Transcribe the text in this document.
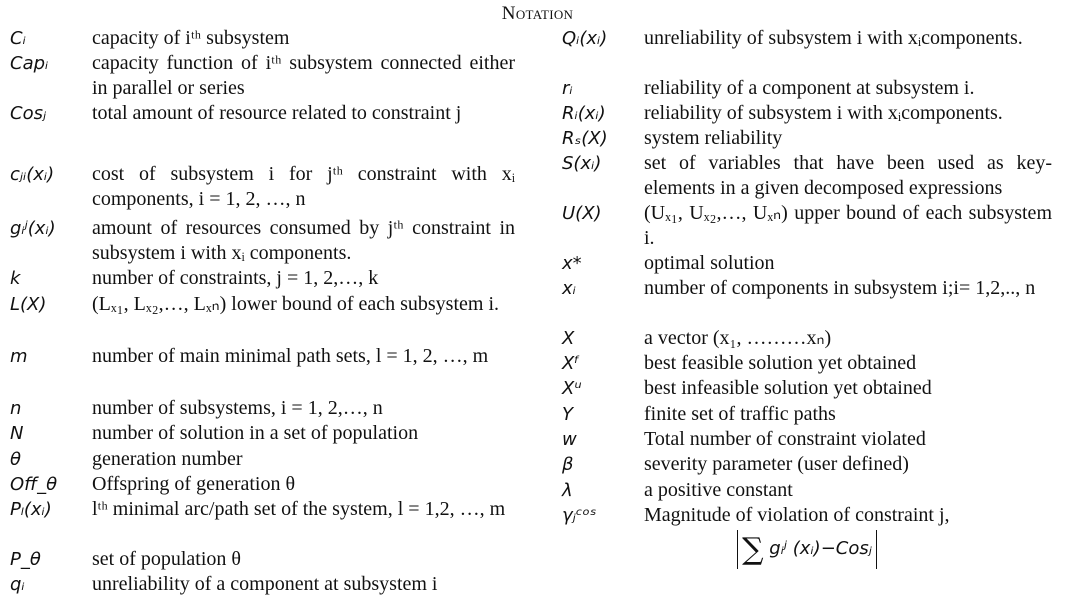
Notation
Cᵢ	capacity of iᵗʰ subsystem
Capᵢ	capacity function of iᵗʰ subsystem connected either in parallel or series
Cosⱼ	total amount of resource related to constraint j
cⱼᵢ(xᵢ)	cost of subsystem i for jᵗʰ constraint with xᵢ components, i = 1, 2, …, n
gᵢʲ(xᵢ)	amount of resources consumed by jᵗʰ constraint in subsystem i with xᵢ components.
k	number of constraints, j = 1, 2,…, k
L(X)	(Lₓ₁, Lₓ₂,…, Lₓₙ) lower bound of each subsystem i.
m	number of main minimal path sets, l = 1, 2, …, m
n	number of subsystems, i = 1, 2,…, n
N	number of solution in a set of population
θ	generation number
Off_θ	Offspring of generation θ
Pₗ(xᵢ)	lᵗʰ minimal arc/path set of the system, l = 1,2, …, m
P_θ	set of population θ
qᵢ	unreliability of a component at subsystem i
Qᵢ(xᵢ)	unreliability of subsystem i with xᵢcomponents.
rᵢ	reliability of a component at subsystem i.
Rᵢ(xᵢ)	reliability of subsystem i with xᵢcomponents.
Rₛ(X)	system reliability
S(xᵢ)	set of variables that have been used as key-elements in a given decomposed expressions
U(X)	(Uₓ₁, Uₓ₂,…, Uₓₙ) upper bound of each subsystem i.
x*	optimal solution
xᵢ	number of components in subsystem i;i= 1,2,.., n
X	a vector (x₁, ………xₙ)
Xᶠ	best feasible solution yet obtained
Xᵘ	best infeasible solution yet obtained
Y	finite set of traffic paths
w	Total number of constraint violated
β	severity parameter (user defined)
λ	a positive constant
γⱼᶜᵒˢ	Magnitude of violation of constraint j,
∑ gᵢʲ (xᵢ)−Cosⱼ
